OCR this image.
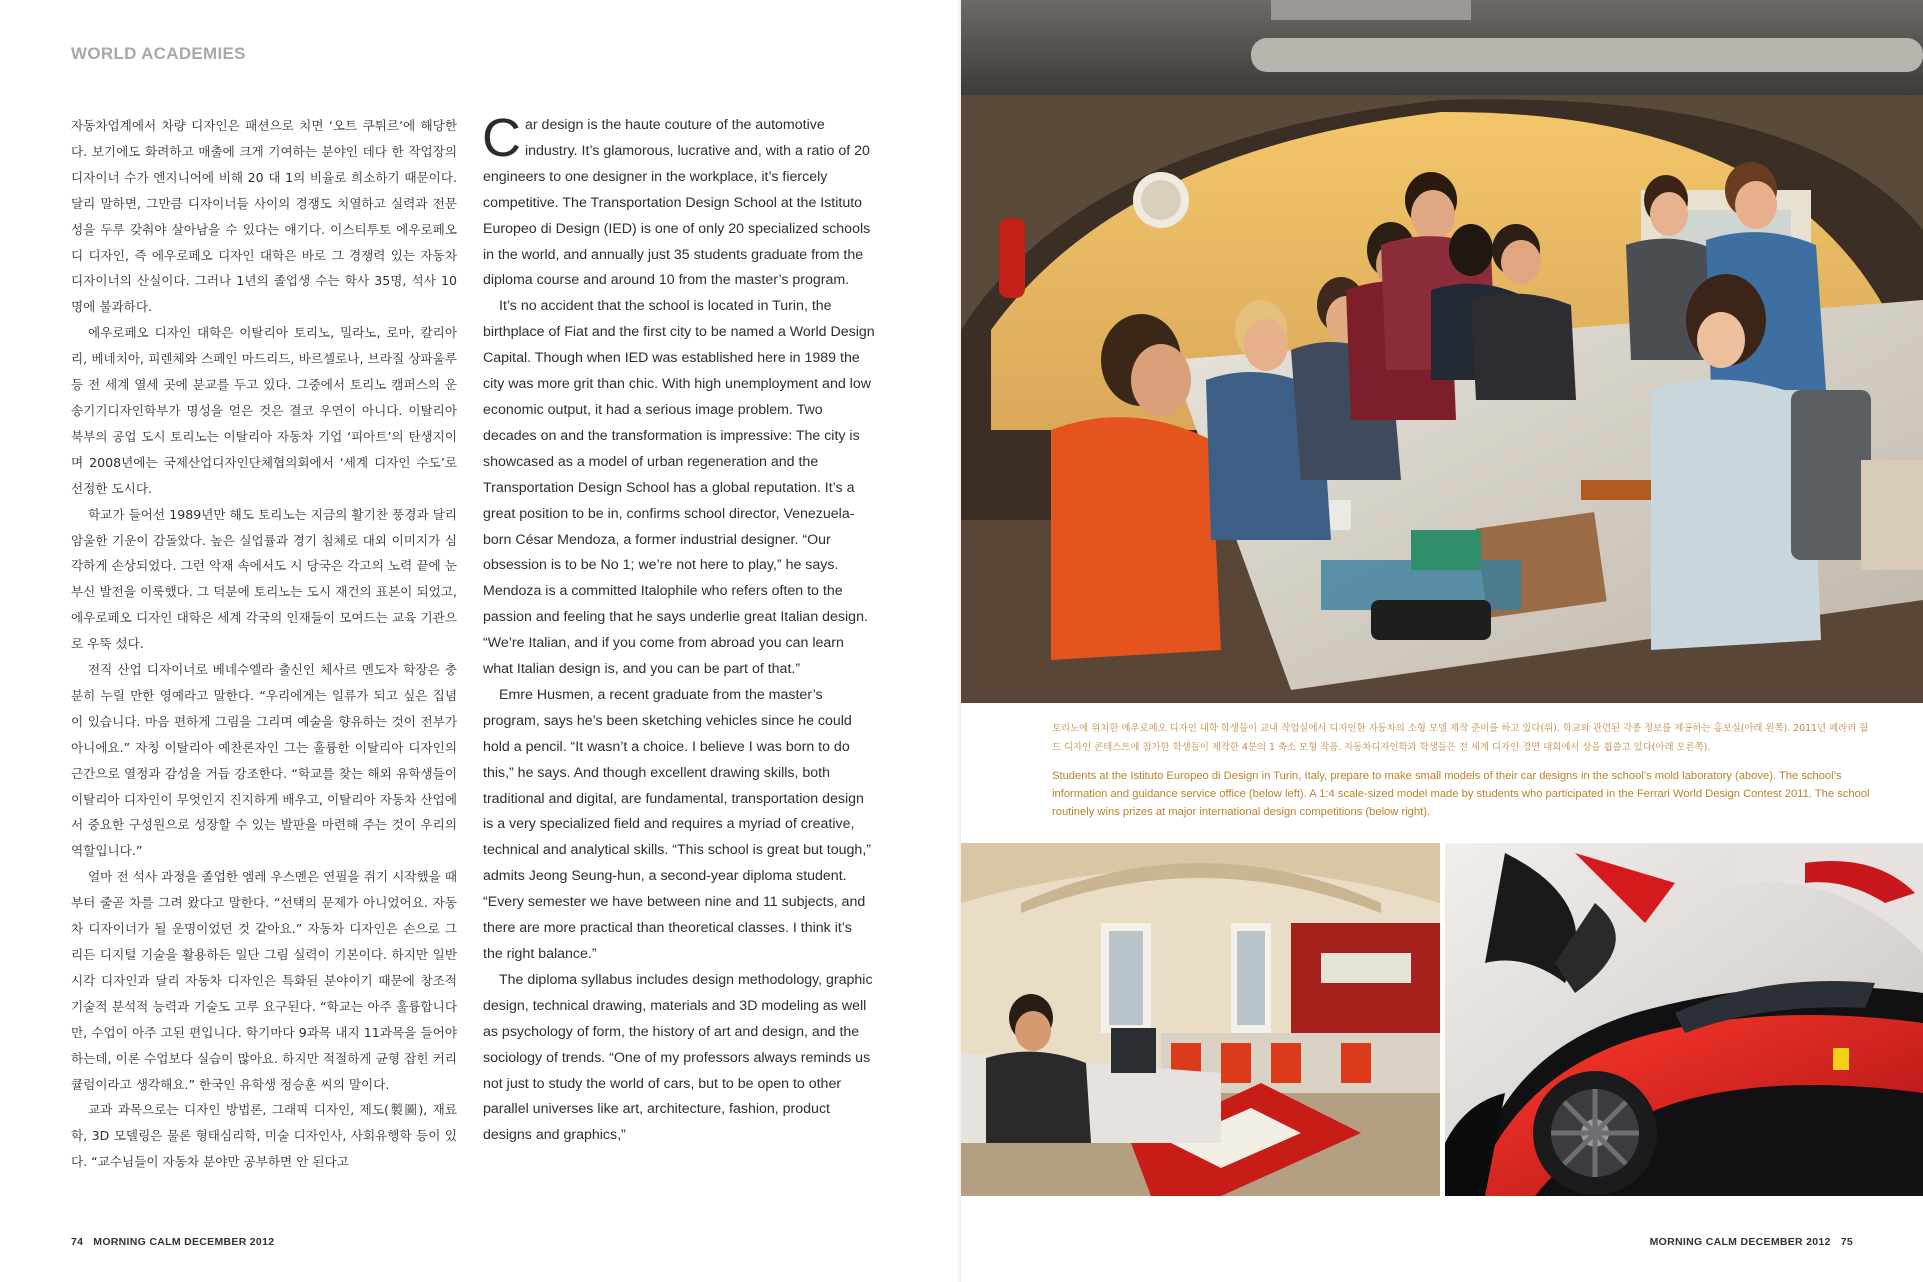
WORLD ACADEMIES

자동차업계에서 차량 디자인은 패션으로 치면 ‘오트 쿠튀르’에 해당한다. 보기에도 화려하고 매출에 크게 기여하는 분야인 데다 한 작업장의 디자이너 수가 엔지니어에 비해 20 대 1의 비율로 희소하기 때문이다. 달리 말하면, 그만큼 디자이너들 사이의 경쟁도 치열하고 실력과 전문성을 두루 갖춰야 살아남을 수 있다는 얘기다. 이스티투토 에우로페오 디 디자인, 즉 에우로페오 디자인 대학은 바로 그 경쟁력 있는 자동차 디자이너의 산실이다. 그러나 1년의 졸업생 수는 학사 35명, 석사 10명에 불과하다.

에우로페오 디자인 대학은 이탈리아 토리노, 밀라노, 로마, 칼리아리, 베네치아, 피렌체와 스페인 마드리드, 바르셀로나, 브라질 상파울루 등 전 세계 열세 곳에 분교를 두고 있다. 그중에서 토리노 캠퍼스의 운송기기디자인학부가 명성을 얻은 것은 결코 우연이 아니다. 이탈리아 북부의 공업 도시 토리노는 이탈리아 자동차 기업 ‘피아트’의 탄생지이며 2008년에는 국제산업디자인단체협의회에서 ‘세계 디자인 수도’로 선정한 도시다.

학교가 들어선 1989년만 해도 토리노는 지금의 활기찬 풍경과 달리 암울한 기운이 감돌았다. 높은 실업률과 경기 침체로 대외 이미지가 심각하게 손상되었다. 그런 악재 속에서도 시 당국은 각고의 노력 끝에 눈부신 발전을 이룩했다. 그 덕분에 토리노는 도시 재건의 표본이 되었고, 에우로페오 디자인 대학은 세계 각국의 인재들이 모여드는 교육 기관으로 우뚝 섰다.

전직 산업 디자이너로 베네수엘라 출신인 체사르 멘도자 학장은 충분히 누릴 만한 영예라고 말한다. “우리에게는 일류가 되고 싶은 집념이 있습니다. 마음 편하게 그림을 그리며 예술을 향유하는 것이 전부가 아니에요.” 자칭 이탈리아 예찬론자인 그는 훌륭한 이탈리아 디자인의 근간으로 열정과 감성을 거듭 강조한다. “학교를 찾는 해외 유학생들이 이탈리아 디자인이 무엇인지 진지하게 배우고, 이탈리아 자동차 산업에서 중요한 구성원으로 성장할 수 있는 발판을 마련해 주는 것이 우리의 역할입니다.”

얼마 전 석사 과정을 졸업한 엠레 우스멘은 연필을 쥐기 시작했을 때부터 줄곧 차를 그려 왔다고 말한다. “선택의 문제가 아니었어요. 자동차 디자이너가 될 운명이었던 것 같아요.” 자동차 디자인은 손으로 그리든 디지털 기술을 활용하든 일단 그림 실력이 기본이다. 하지만 일반 시각 디자인과 달리 자동차 디자인은 특화된 분야이기 때문에 창조적 기술적 분석적 능력과 기술도 고루 요구된다. “학교는 아주 훌륭합니다만, 수업이 아주 고된 편입니다. 학기마다 9과목 내지 11과목을 들어야 하는데, 이론 수업보다 실습이 많아요. 하지만 적절하게 균형 잡힌 커리큘럼이라고 생각해요.” 한국인 유학생 정승훈 씨의 말이다.

교과 과목으로는 디자인 방법론, 그래픽 디자인, 제도(製圖), 재료학, 3D 모델링은 물론 형태심리학, 미술 디자인사, 사회유행학 등이 있다. “교수님들이 자동차 분야만 공부하면 안 된다고

Car design is the haute couture of the automotive industry. It’s glamorous, lucrative and, with a ratio of 20 engineers to one designer in the workplace, it’s fiercely competitive. The Transportation Design School at the Istituto Europeo di Design (IED) is one of only 20 specialized schools in the world, and annually just 35 students graduate from the diploma course and around 10 from the master’s program.

It’s no accident that the school is located in Turin, the birthplace of Fiat and the first city to be named a World Design Capital. Though when IED was established here in 1989 the city was more grit than chic. With high unemployment and low economic output, it had a serious image problem. Two decades on and the transformation is impressive: The city is showcased as a model of urban regeneration and the Transportation Design School has a global reputation. It’s a great position to be in, confirms school director, Venezuela-born César Mendoza, a former industrial designer. “Our obsession is to be No 1; we’re not here to play,” he says. Mendoza is a committed Italophile who refers often to the passion and feeling that he says underlie great Italian design. “We’re Italian, and if you come from abroad you can learn what Italian design is, and you can be part of that.”

Emre Husmen, a recent graduate from the master’s program, says he’s been sketching vehicles since he could hold a pencil. “It wasn’t a choice. I believe I was born to do this,” he says. And though excellent drawing skills, both traditional and digital, are fundamental, transportation design is a very specialized field and requires a myriad of creative, technical and analytical skills. “This school is great but tough,” admits Jeong Seung-hun, a second-year diploma student. “Every semester we have between nine and 11 subjects, and there are more practical than theoretical classes. I think it’s the right balance.”

The diploma syllabus includes design methodology, graphic design, technical drawing, materials and 3D modeling as well as psychology of form, the history of art and design, and the sociology of trends. “One of my professors always reminds us not just to study the world of cars, but to be open to other parallel universes like art, architecture, fashion, product designs and graphics,”

74 MORNING CALM DECEMBER 2012

토리노에 위치한 에우로페오 디자인 대학 학생들이 교내 작업실에서 디자인한 자동차의 소형 모델 제작 준비를 하고 있다(위). 학교와 관련된 각종 정보를 제공하는 홍보실(아래 왼쪽). 2011년 페라리 월드 디자인 콘테스트에 참가한 학생들이 제작한 4분의 1 축소 모형 작품. 자동차디자인학과 학생들은 전 세계 디자인 경연 대회에서 상을 휩쓸고 있다(아래 오른쪽).

Students at the Istituto Europeo di Design in Turin, Italy, prepare to make small models of their car designs in the school’s mold laboratory (above). The school’s information and guidance service office (below left). A 1:4 scale-sized model made by students who participated in the Ferrari World Design Contest 2011. The school routinely wins prizes at major international design competitions (below right).

MORNING CALM DECEMBER 2012 75
